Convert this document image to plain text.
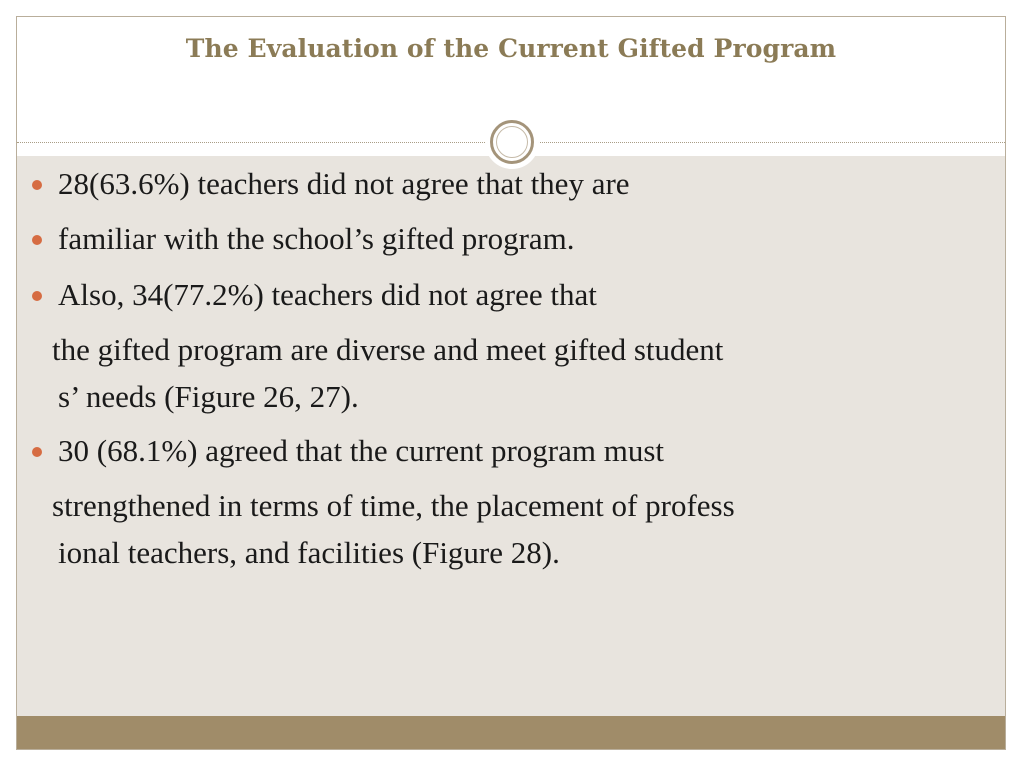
The Evaluation of the Current Gifted Program
28(63.6%) teachers did not agree that they are
familiar with the school’s gifted program.
Also, 34(77.2%) teachers did not agree that
the gifted program are diverse and meet gifted student
s’ needs (Figure 26, 27).
30 (68.1%) agreed that the current program must
strengthened in terms of time, the placement of profess
ional teachers, and facilities (Figure 28).
